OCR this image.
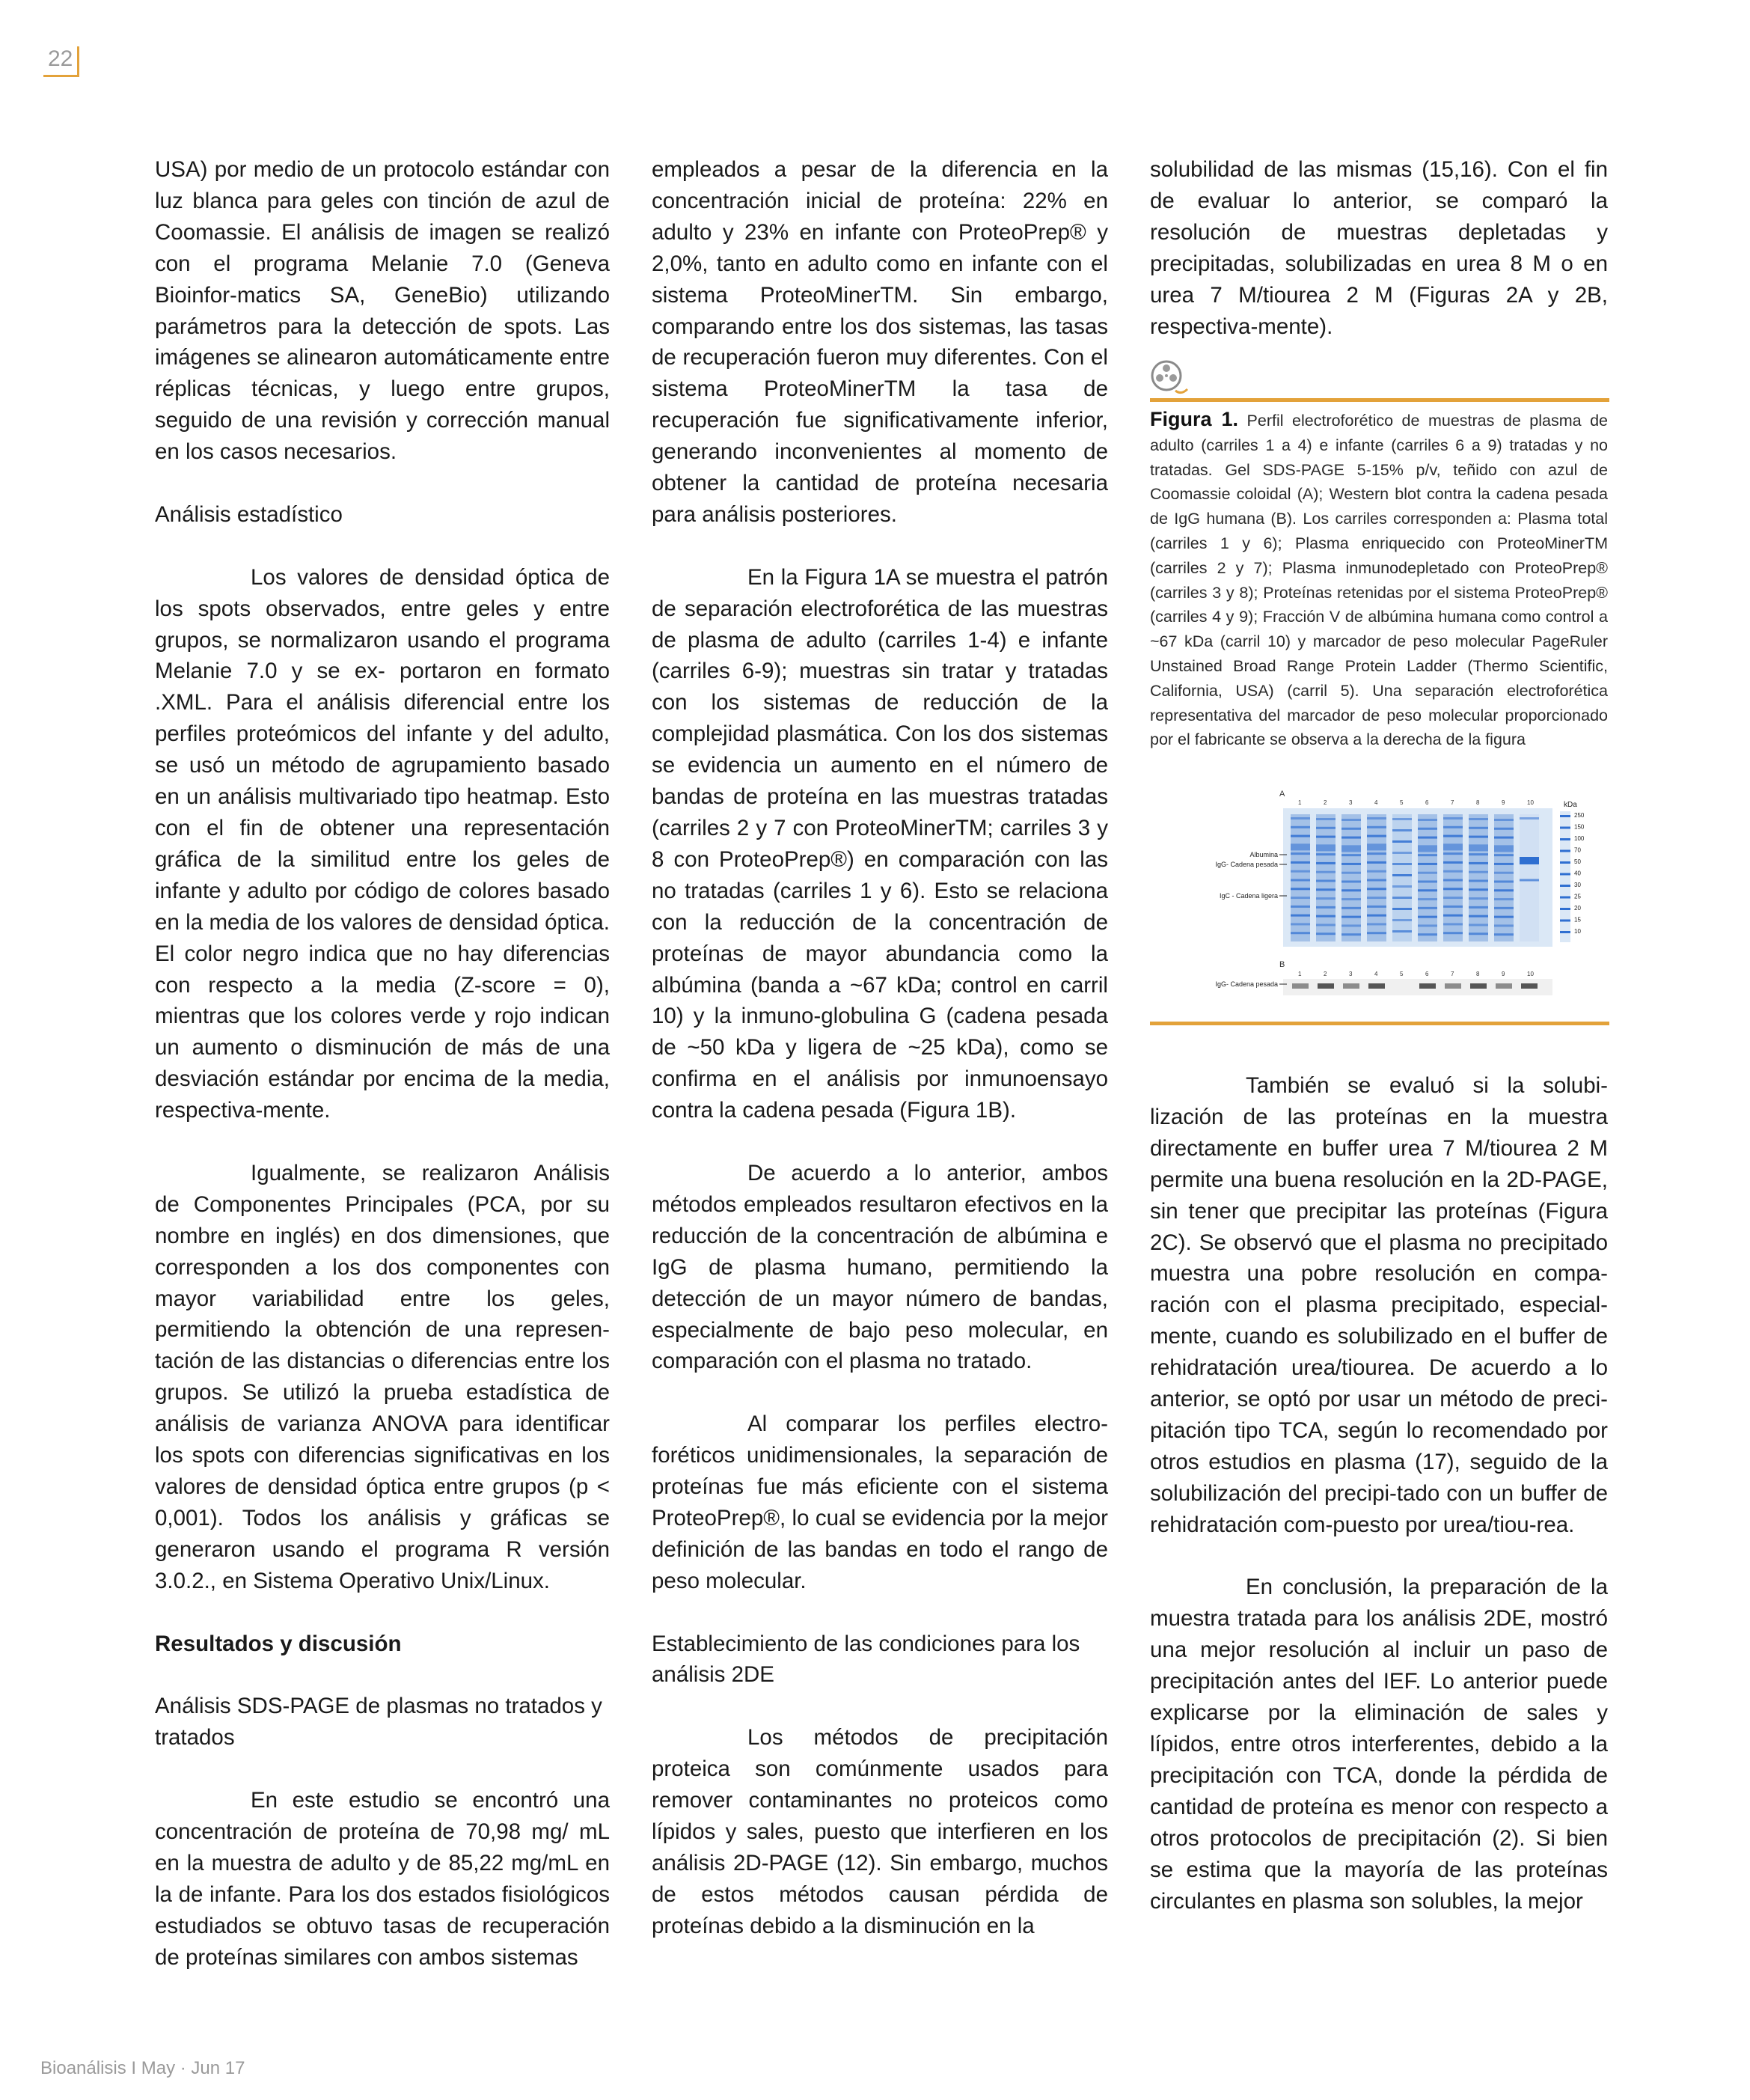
22

USA) por medio de un protocolo estándar con luz blanca para geles con tinción de azul de Coomassie. El análisis de imagen se realizó con el programa Melanie 7.0 (Geneva Bioinfor-matics SA, GeneBio) utilizando parámetros para la detección de spots. Las imágenes se alinearon automáticamente entre réplicas técnicas, y luego entre grupos, seguido de una revisión y corrección manual en los casos necesarios.

Análisis estadístico

Los valores de densidad óptica de los spots observados, entre geles y entre grupos, se normalizaron usando el programa Melanie 7.0 y se ex- portaron en formato .XML. Para el análisis diferencial entre los perfiles proteómicos del infante y del adulto, se usó un método de agrupamiento basado en un análisis multivariado tipo heatmap. Esto con el fin de obtener una representación gráfica de la similitud entre los geles de infante y adulto por código de colores basado en la media de los valores de densidad óptica. El color negro indica que no hay diferencias con respecto a la media (Z-score = 0), mientras que los colores verde y rojo indican un aumento o disminución de más de una desviación estándar por encima de la media, respectiva-mente.

Igualmente, se realizaron Análisis de Componentes Principales (PCA, por su nombre en inglés) en dos dimensiones, que corresponden a los dos componentes con mayor variabilidad entre los geles, permitiendo la obtención de una represen-tación de las distancias o diferencias entre los grupos. Se utilizó la prueba estadística de análisis de varianza ANOVA para identificar los spots con diferencias significativas en los valores de densidad óptica entre grupos (p < 0,001). Todos los análisis y gráficas se generaron usando el programa R versión 3.0.2., en Sistema Operativo Unix/Linux.

Resultados y discusión

Análisis SDS-PAGE de plasmas no tratados y tratados

En este estudio se encontró una concentración de proteína de 70,98 mg/ mL en la muestra de adulto y de 85,22 mg/mL en la de infante. Para los dos estados fisiológicos estudiados se obtuvo tasas de recuperación de proteínas similares con ambos sistemas

empleados a pesar de la diferencia en la concentración inicial de proteína: 22% en adulto y 23% en infante con ProteoPrep® y 2,0%, tanto en adulto como en infante con el sistema ProteoMinerTM. Sin embargo, comparando entre los dos sistemas, las tasas de recuperación fueron muy diferentes. Con el sistema ProteoMinerTM la tasa de recuperación fue significativamente inferior, generando inconvenientes al momento de obtener la cantidad de proteína necesaria para análisis posteriores.

En la Figura 1A se muestra el patrón de separación electroforética de las muestras de plasma de adulto (carriles 1-4) e infante (carriles 6-9); muestras sin tratar y tratadas con los sistemas de reducción de la complejidad plasmática. Con los dos sistemas se evidencia un aumento en el número de bandas de proteína en las muestras tratadas (carriles 2 y 7 con ProteoMinerTM; carriles 3 y 8 con ProteoPrep®) en comparación con las no tratadas (carriles 1 y 6). Esto se relaciona con la reducción de la concentración de proteínas de mayor abundancia como la albúmina (banda a ~67 kDa; control en carril 10) y la inmuno-globulina G (cadena pesada de ~50 kDa y ligera de ~25 kDa), como se confirma en el análisis por inmunoensayo contra la cadena pesada (Figura 1B).

De acuerdo a lo anterior, ambos métodos empleados resultaron efectivos en la reducción de la concentración de albúmina e IgG de plasma humano, permitiendo la detección de un mayor número de bandas, especialmente de bajo peso molecular, en comparación con el plasma no tratado.

Al comparar los perfiles electro-foréticos unidimensionales, la separación de proteínas fue más eficiente con el sistema ProteoPrep®, lo cual se evidencia por la mejor definición de las bandas en todo el rango de peso molecular.

Establecimiento de las condiciones para los análisis 2DE

Los métodos de precipitación proteica son comúnmente usados para remover contaminantes no proteicos como lípidos y sales, puesto que interfieren en los análisis 2D-PAGE (12). Sin embargo, muchos de estos métodos causan pérdida de proteínas debido a la disminución en la

solubilidad de las mismas (15,16). Con el fin de evaluar lo anterior, se comparó la resolución de muestras depletadas y precipitadas, solubilizadas en urea 8 M o en urea 7 M/tiourea 2 M (Figuras 2A y 2B, respectiva-mente).

Figura 1. Perfil electroforético de muestras de plasma de adulto (carriles 1 a 4) e infante (carriles 6 a 9) tratadas y no tratadas. Gel SDS-PAGE 5-15% p/v, teñido con azul de Coomassie coloidal (A); Western blot contra la cadena pesada de IgG humana (B). Los carriles corresponden a: Plasma total (carriles 1 y 6); Plasma enriquecido con ProteoMinerTM (carriles 2 y 7); Plasma inmunodepletado con ProteoPrep® (carriles 3 y 8); Proteínas retenidas por el sistema ProteoPrep® (carriles 4 y 9); Fracción V de albúmina humana como control a ~67 kDa (carril 10) y marcador de peso molecular PageRuler Unstained Broad Range Protein Ladder (Thermo Scientific, California, USA) (carril 5). Una separación electroforética representativa del marcador de peso molecular proporcionado por el fabricante se observa a la derecha de la figura
A
B
1
1
2
2
3
3
4
4
5
5
6
6
7
7
8
8
9
9
10
10
Albumina
IgG- Cadena pesada
IgC - Cadena ligera
IgG- Cadena pesada
kDa
250
150
100
70
50
40
30
25
20
15
10

También se evaluó si la solubi-lización de las proteínas en la muestra directamente en buffer urea 7 M/tiourea 2 M permite una buena resolución en la 2D-PAGE, sin tener que precipitar las proteínas (Figura 2C). Se observó que el plasma no precipitado muestra una pobre resolución en compa-ración con el plasma precipitado, especial-mente, cuando es solubilizado en el buffer de rehidratación urea/tiourea. De acuerdo a lo anterior, se optó por usar un método de preci-pitación tipo TCA, según lo recomendado por otros estudios en plasma (17), seguido de la solubilización del precipi-tado con un buffer de rehidratación com-puesto por urea/tiou-rea.

En conclusión, la preparación de la muestra tratada para los análisis 2DE, mostró una mejor resolución al incluir un paso de precipitación antes del IEF. Lo anterior puede explicarse por la eliminación de sales y lípidos, entre otros interferentes, debido a la precipitación con TCA, donde la pérdida de cantidad de proteína es menor con respecto a otros protocolos de precipitación (2). Si bien se estima que la mayoría de las proteínas circulantes en plasma son solubles, la mejor

Bioanálisis I May · Jun 17
